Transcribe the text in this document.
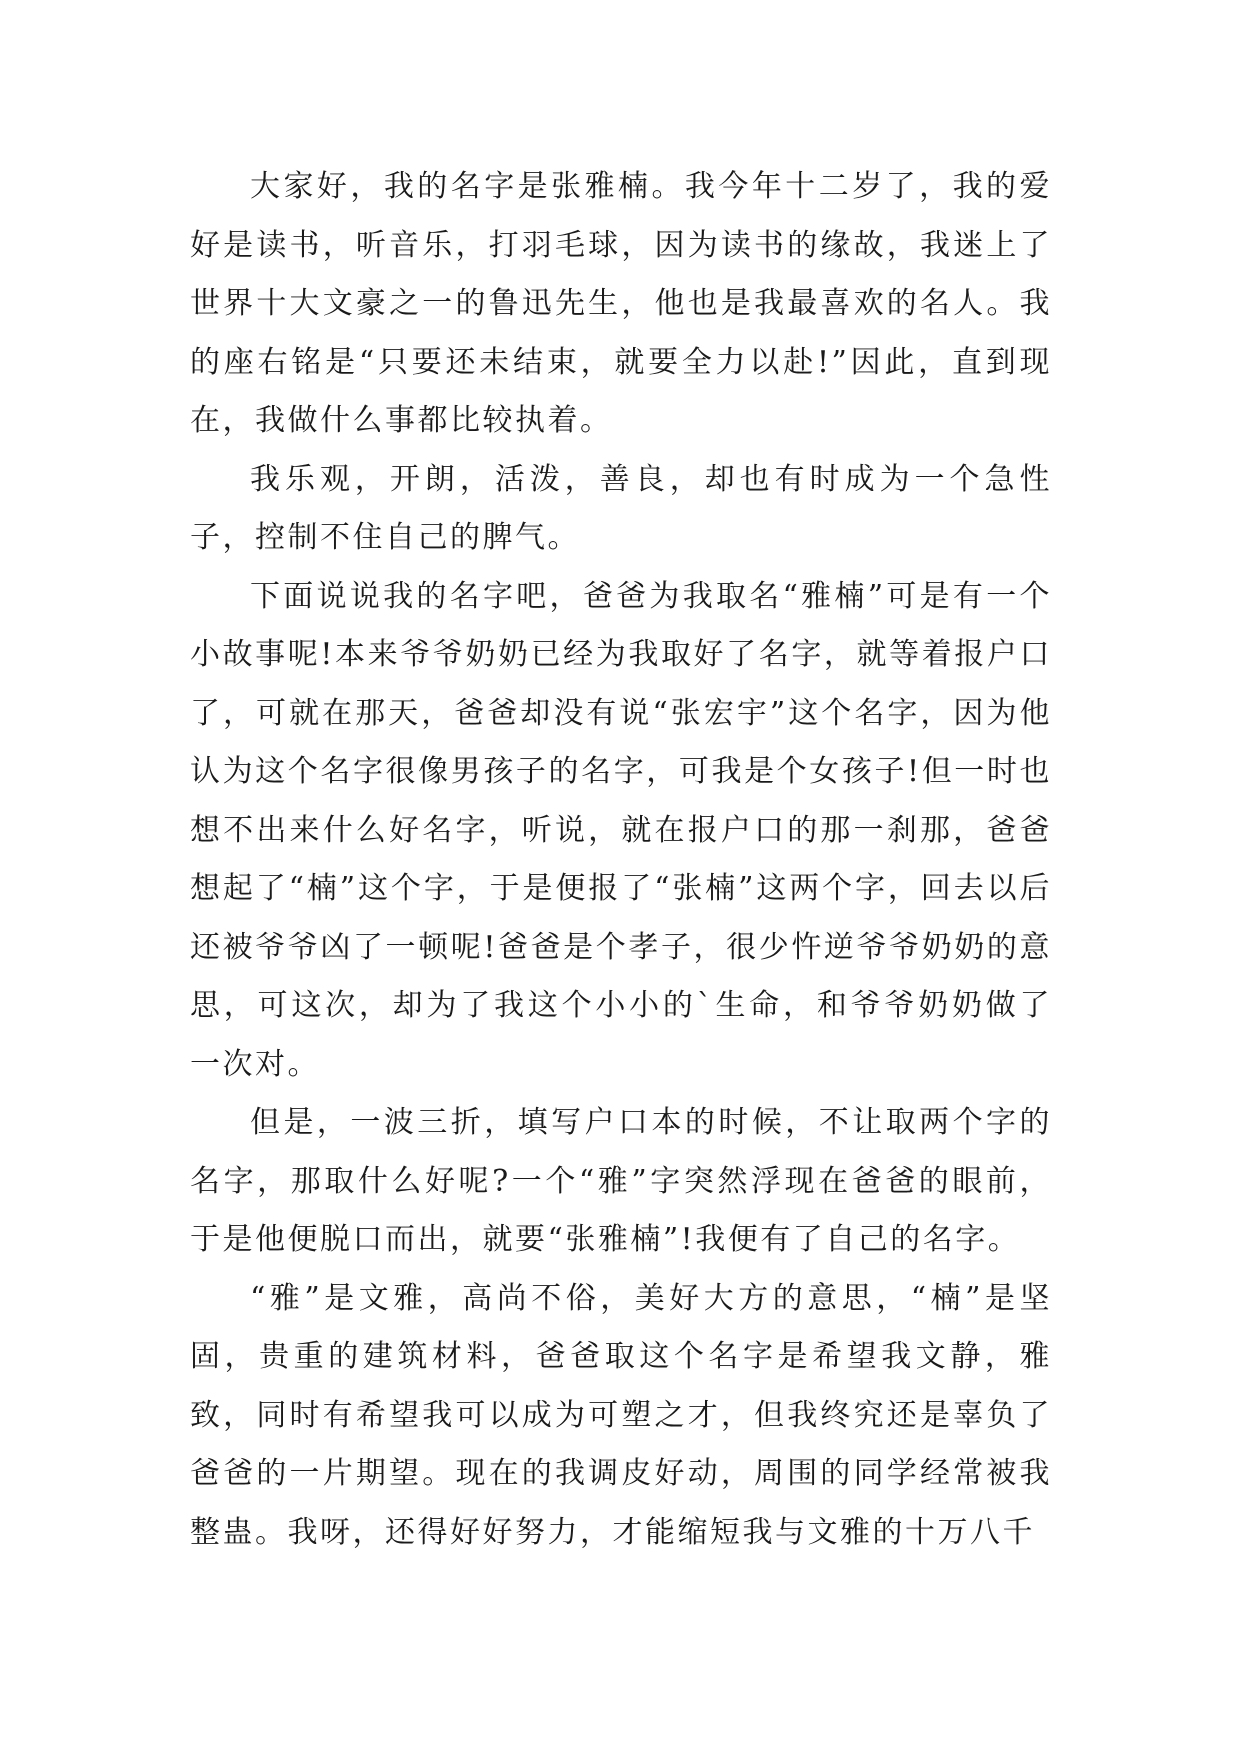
大家好，我的名字是张雅楠。我今年十二岁了，我的爱好是读书，听音乐，打羽毛球，因为读书的缘故，我迷上了世界十大文豪之一的鲁迅先生，他也是我最喜欢的名人。我的座右铭是“只要还未结束，就要全力以赴!”因此，直到现在，我做什么事都比较执着。

我乐观，开朗，活泼，善良，却也有时成为一个急性子，控制不住自己的脾气。

下面说说我的名字吧，爸爸为我取名“雅楠”可是有一个小故事呢!本来爷爷奶奶已经为我取好了名字，就等着报户口了，可就在那天，爸爸却没有说“张宏宇”这个名字，因为他认为这个名字很像男孩子的名字，可我是个女孩子!但一时也想不出来什么好名字，听说，就在报户口的那一刹那，爸爸想起了“楠”这个字，于是便报了“张楠”这两个字，回去以后还被爷爷凶了一顿呢!爸爸是个孝子，很少忤逆爷爷奶奶的意思，可这次，却为了我这个小小的`生命，和爷爷奶奶做了一次对。

但是，一波三折，填写户口本的时候，不让取两个字的名字，那取什么好呢?一个“雅”字突然浮现在爸爸的眼前，于是他便脱口而出，就要“张雅楠”!我便有了自己的名字。

“雅”是文雅，高尚不俗，美好大方的意思，“楠”是坚固，贵重的建筑材料，爸爸取这个名字是希望我文静，雅致，同时有希望我可以成为可塑之才，但我终究还是辜负了爸爸的一片期望。现在的我调皮好动，周围的同学经常被我整蛊。我呀，还得好好努力，才能缩短我与文雅的十万八千
